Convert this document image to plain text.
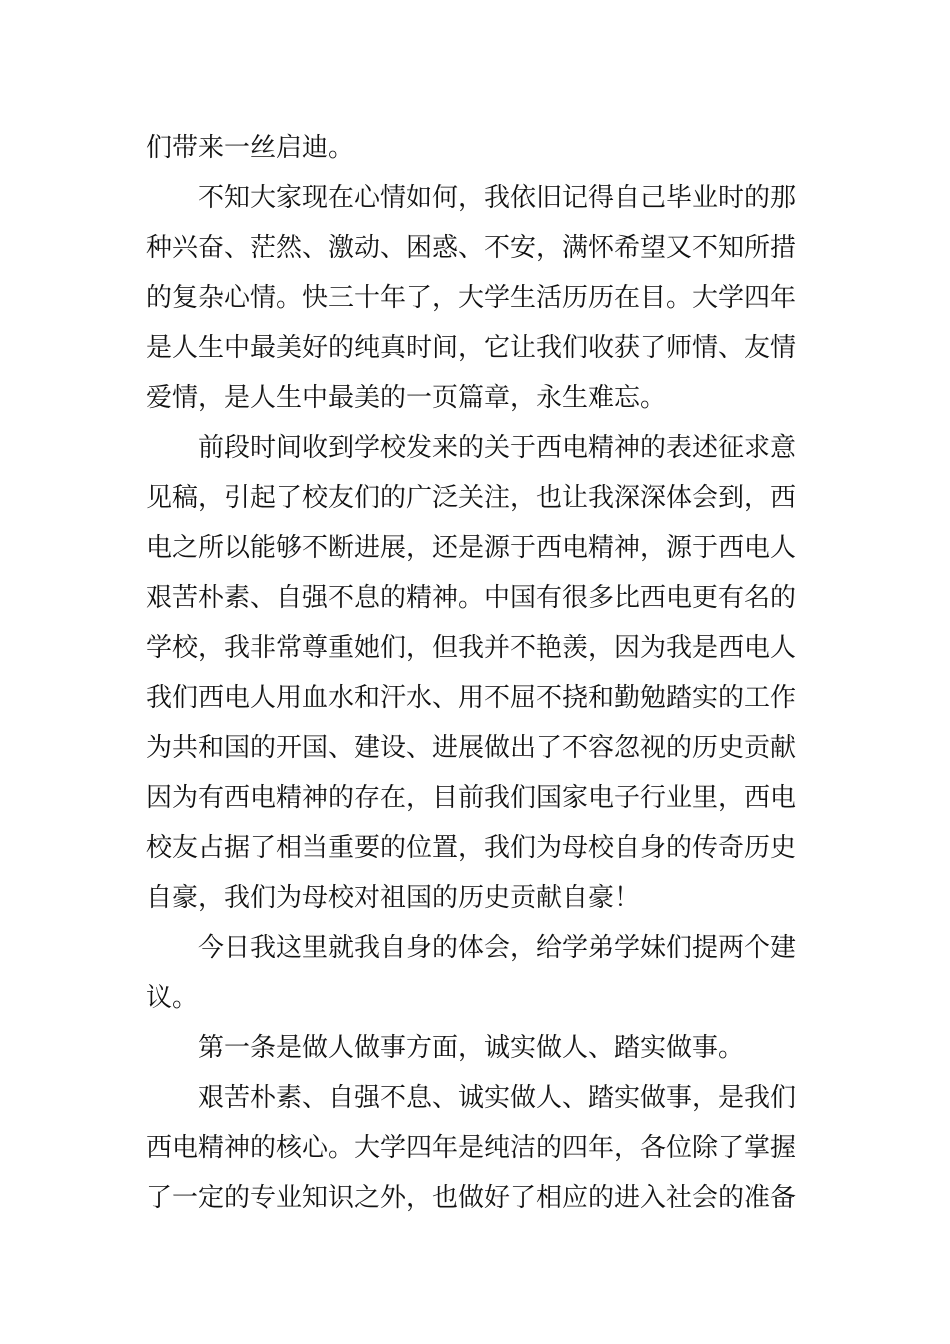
们带来一丝启迪。
不知大家现在心情如何，我依旧记得自己毕业时的那
种兴奋、茫然、激动、困惑、不安，满怀希望又不知所措
的复杂心情。快三十年了，大学生活历历在目。大学四年
是人生中最美好的纯真时间，它让我们收获了师情、友情
爱情，是人生中最美的一页篇章，永生难忘。
前段时间收到学校发来的关于西电精神的表述征求意
见稿，引起了校友们的广泛关注，也让我深深体会到，西
电之所以能够不断进展，还是源于西电精神，源于西电人
艰苦朴素、自强不息的精神。中国有很多比西电更有名的
学校，我非常尊重她们，但我并不艳羡，因为我是西电人
我们西电人用血水和汗水、用不屈不挠和勤勉踏实的工作
为共和国的开国、建设、进展做出了不容忽视的历史贡献
因为有西电精神的存在，目前我们国家电子行业里，西电
校友占据了相当重要的位置，我们为母校自身的传奇历史
自豪，我们为母校对祖国的历史贡献自豪！
今日我这里就我自身的体会，给学弟学妹们提两个建
议。
第一条是做人做事方面，诚实做人、踏实做事。
艰苦朴素、自强不息、诚实做人、踏实做事，是我们
西电精神的核心。大学四年是纯洁的四年，各位除了掌握
了一定的专业知识之外，也做好了相应的进入社会的准备
